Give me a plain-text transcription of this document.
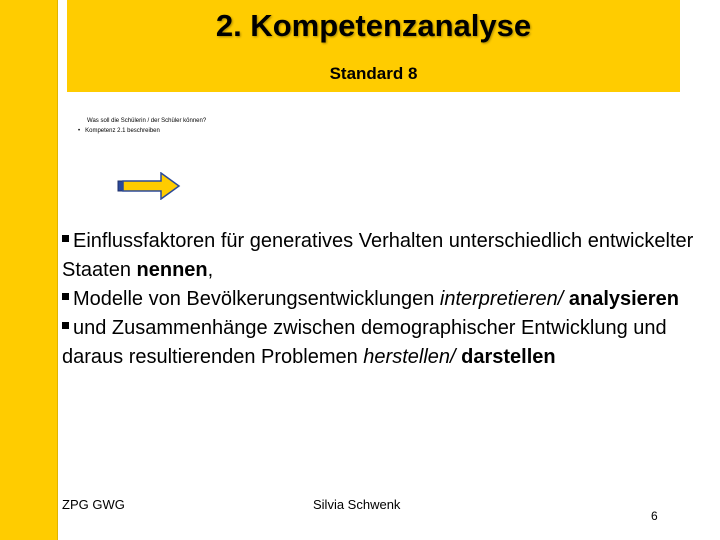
2. Kompetenzanalyse
Standard 8
Was soll die Schülerin / der Schüler können?
• Kompetenz 2.1 beschreiben

Einflussfaktoren für generatives Verhalten unterschiedlich entwickelter Staaten nennen,

Modelle von Bevölkerungsentwicklungen interpretieren/ analysieren

und Zusammenhänge zwischen demographischer Entwicklung und daraus resultierenden Problemen herstellen/ darstellen

ZPG GWG	Silvia Schwenk
6
